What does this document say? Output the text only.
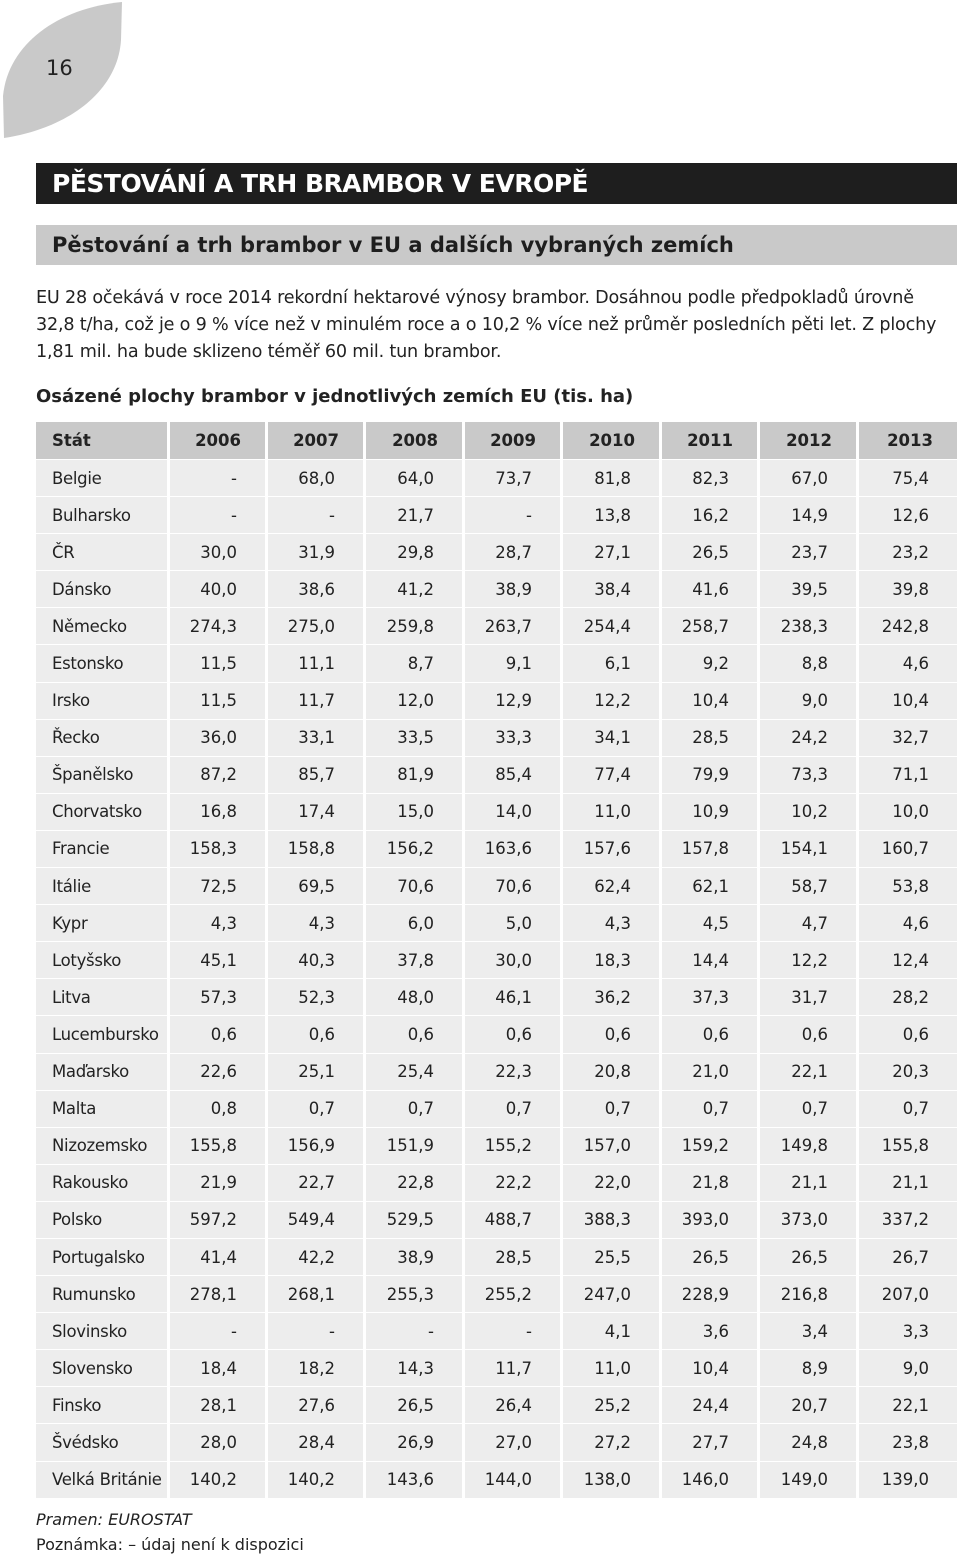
16
PĚSTOVÁNÍ A TRH BRAMBOR V EVROPĚ
Pěstování a trh brambor v EU a dalších vybraných zemích
EU 28 očekává v roce 2014 rekordní hektarové výnosy brambor. Dosáhnou podle předpokladů úrovně
32,8 t/ha, což je o 9 % více než v minulém roce a o 10,2 % více než průměr posledních pěti let. Z plochy
1,81 mil. ha bude sklizeno téměř 60 mil. tun brambor.
Osázené plochy brambor v jednotlivých zemích EU (tis. ha)
Stát	2006	2007	2008	2009	2010	2011	2012	2013
Belgie	-	68,0	64,0	73,7	81,8	82,3	67,0	75,4
Bulharsko	-	-	21,7	-	13,8	16,2	14,9	12,6
ČR	30,0	31,9	29,8	28,7	27,1	26,5	23,7	23,2
Dánsko	40,0	38,6	41,2	38,9	38,4	41,6	39,5	39,8
Německo	274,3	275,0	259,8	263,7	254,4	258,7	238,3	242,8
Estonsko	11,5	11,1	8,7	9,1	6,1	9,2	8,8	4,6
Irsko	11,5	11,7	12,0	12,9	12,2	10,4	9,0	10,4
Řecko	36,0	33,1	33,5	33,3	34,1	28,5	24,2	32,7
Španělsko	87,2	85,7	81,9	85,4	77,4	79,9	73,3	71,1
Chorvatsko	16,8	17,4	15,0	14,0	11,0	10,9	10,2	10,0
Francie	158,3	158,8	156,2	163,6	157,6	157,8	154,1	160,7
Itálie	72,5	69,5	70,6	70,6	62,4	62,1	58,7	53,8
Kypr	4,3	4,3	6,0	5,0	4,3	4,5	4,7	4,6
Lotyšsko	45,1	40,3	37,8	30,0	18,3	14,4	12,2	12,4
Litva	57,3	52,3	48,0	46,1	36,2	37,3	31,7	28,2
Lucembursko	0,6	0,6	0,6	0,6	0,6	0,6	0,6	0,6
Maďarsko	22,6	25,1	25,4	22,3	20,8	21,0	22,1	20,3
Malta	0,8	0,7	0,7	0,7	0,7	0,7	0,7	0,7
Nizozemsko	155,8	156,9	151,9	155,2	157,0	159,2	149,8	155,8
Rakousko	21,9	22,7	22,8	22,2	22,0	21,8	21,1	21,1
Polsko	597,2	549,4	529,5	488,7	388,3	393,0	373,0	337,2
Portugalsko	41,4	42,2	38,9	28,5	25,5	26,5	26,5	26,7
Rumunsko	278,1	268,1	255,3	255,2	247,0	228,9	216,8	207,0
Slovinsko	-	-	-	-	4,1	3,6	3,4	3,3
Slovensko	18,4	18,2	14,3	11,7	11,0	10,4	8,9	9,0
Finsko	28,1	27,6	26,5	26,4	25,2	24,4	20,7	22,1
Švédsko	28,0	28,4	26,9	27,0	27,2	27,7	24,8	23,8
Velká Británie	140,2	140,2	143,6	144,0	138,0	146,0	149,0	139,0
Pramen: EUROSTAT
Poznámka: – údaj není k dispozici
